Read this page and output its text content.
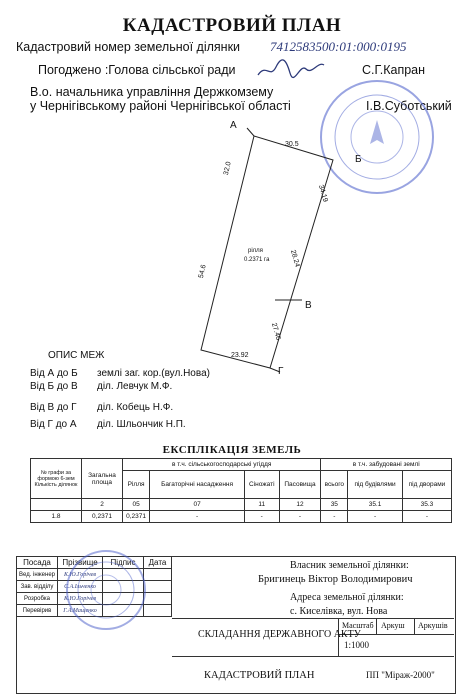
КАДАСТРОВИЙ ПЛАН
Кадастровий номер земельної ділянки 7412583500:01:000:0195
Погоджено :Голова сільської ради	С.Г.Капран
В.о. начальника управління Держкомзему
у Чернігівському районі Чернігівської області	І.В.Суботський
А
Б
В
Г
30.5
32.0
34.19
54.6
28.24
27.46
23.92
рілля
0.2371 га
ОПИС МЕЖ
Від А до Б землі заг. кор.(вул.Нова)
Від Б до В діл. Левчук М.Ф.
Від В до Г діл. Кобець Н.Ф.
Від Г до А діл. Шльончик Н.П.
ЕКСПЛІКАЦІЯ ЗЕМЕЛЬ
№ графи за формою 6-зем Кількість ділянок	Загальна площа	в т.ч. сільськогосподарські угіддя				в т.ч. забудовані землі		
		Рілля	Багаторічні насадження	Сіножаті	Пасовища	всього	під будівлями	під дворами
	2	05	07	11	12	35	35.1	35.3
1.8	0,2371	0,2371	-	-	-	-	-	-
Посада	Прізвище	Підпис	Дата
Вед. інженер	К.Ю.Горічев		
Зав. відділу	С.А.Ільченко		
Розробка	К.Ю.Горічев		
Перевірив	Г.А.Мащенко		
Власник земельної ділянки:
Бригинець Віктор Володимирович
Адреса земельної ділянки:
с. Киселівка, вул. Нова
СКЛАДАННЯ ДЕРЖАВНОГО АКТУ
Масштаб Аркуш Аркушів
1:1000
КАДАСТРОВИЙ ПЛАН	ПП "Міраж-2000"
